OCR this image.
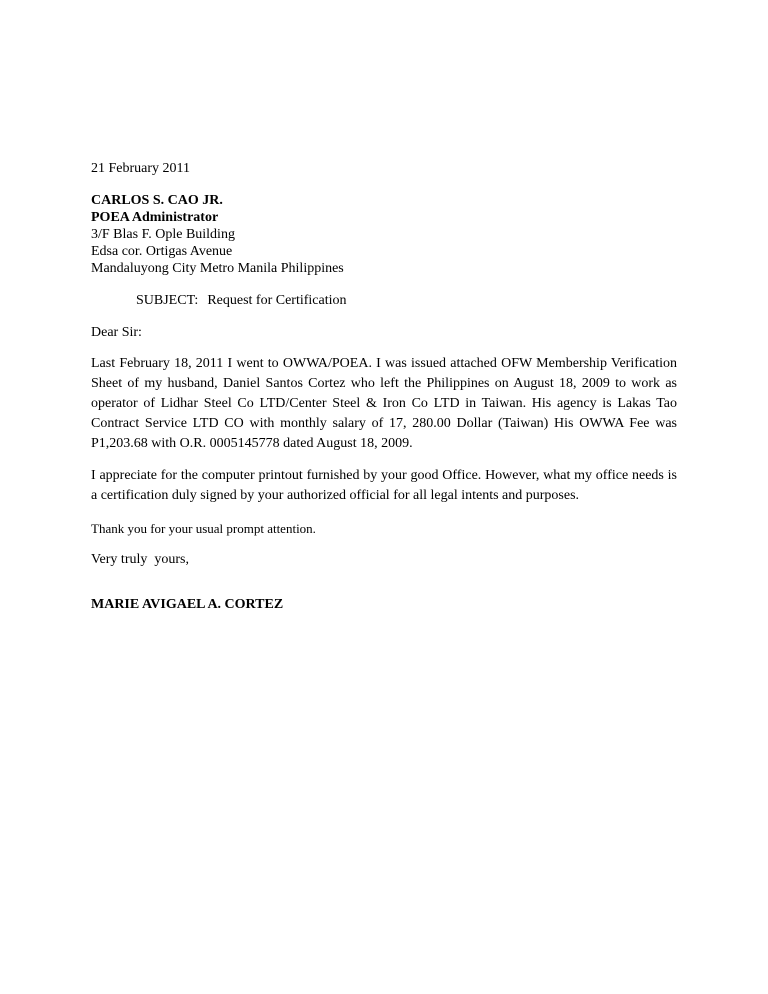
21 February 2011
CARLOS S. CAO JR.
POEA Administrator
3/F Blas F. Ople Building
Edsa cor. Ortigas Avenue
Mandaluyong City Metro Manila Philippines
SUBJECT: Request for Certification
Dear Sir:

Last February 18, 2011 I went to OWWA/POEA. I was issued attached OFW Membership Verification Sheet of my husband, Daniel Santos Cortez who left the Philippines on August 18, 2009 to work as operator of Lidhar Steel Co LTD/Center Steel & Iron Co LTD in Taiwan. His agency is Lakas Tao Contract Service LTD CO with monthly salary of 17, 280.00 Dollar (Taiwan) His OWWA Fee was P1,203.68 with O.R. 0005145778 dated August 18, 2009.

I appreciate for the computer printout furnished by your good Office. However, what my office needs is a certification duly signed by your authorized official for all legal intents and purposes.

Thank you for your usual prompt attention.
Very truly  yours,
MARIE AVIGAEL A. CORTEZ
